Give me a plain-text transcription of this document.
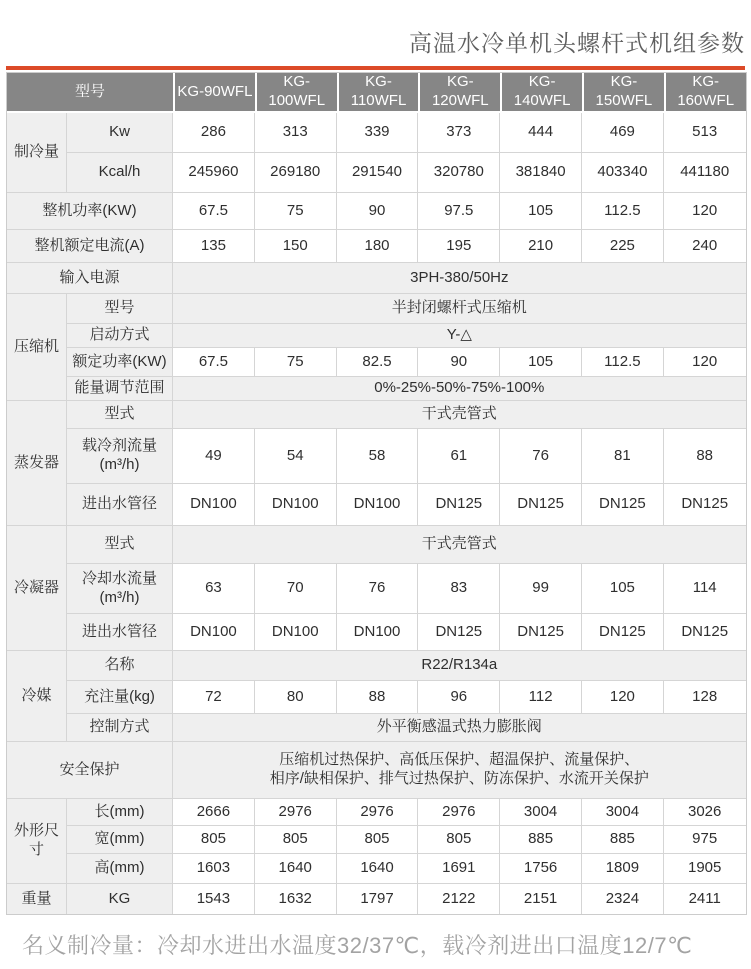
高温水冷单机头螺杆式机组参数
型号		KG-90WFL	KG-100WFL	KG-110WFL	KG-120WFL	KG-140WFL	KG-150WFL	KG-160WFL
制冷量	Kw	286	313	339	373	444	469	513
	Kcal/h	245960	269180	291540	320780	381840	403340	441180
整机功率(KW)		67.5	75	90	97.5	105	112.5	120
整机额定电流(A)		135	150	180	195	210	225	240
输入电源		3PH-380/50Hz						
压缩机	型号	半封闭螺杆式压缩机						
	启动方式	Y-△						
	额定功率(KW)	67.5	75	82.5	90	105	112.5	120
	能量调节范围	0%-25%-50%-75%-100%						
蒸发器	型式	干式壳管式						
	载冷剂流量(m³/h)	49	54	58	61	76	81	88
	进出水管径	DN100	DN100	DN100	DN125	DN125	DN125	DN125
冷凝器	型式	干式壳管式						
	冷却水流量(m³/h)	63	70	76	83	99	105	114
	进出水管径	DN100	DN100	DN100	DN125	DN125	DN125	DN125
冷媒	名称	R22/R134a						
	充注量(kg)	72	80	88	96	112	120	128
	控制方式	外平衡感温式热力膨胀阀						
安全保护		压缩机过热保护、高低压保护、超温保护、流量保护、
相序/缺相保护、排气过热保护、防冻保护、水流开关保护						

外形尺寸	长(mm)	2666	2976	2976	2976	3004	3004	3026
	宽(mm)	805	805	805	805	885	885	975
	高(mm)	1603	1640	1640	1691	1756	1809	1905
重量	KG	1543	1632	1797	2122	2151	2324	2411
名义制冷量：冷却水进出水温度32/37℃，载冷剂进出口温度12/7℃
